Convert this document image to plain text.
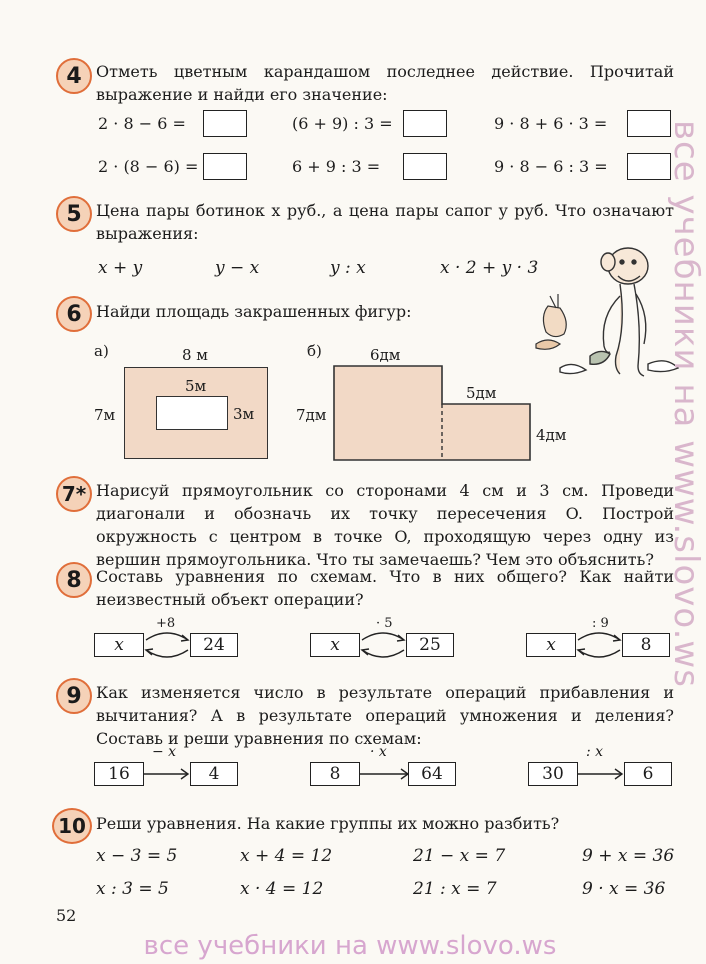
4 Отметь цветным карандашом последнее действие. Прочитай выражение и найди его значение:
2 · 8 − 6 =	(6 + 9) : 3 =	9 · 8 + 6 · 3 =
2 · (8 − 6) =	6 + 9 : 3 =	9 · 8 − 6 : 3 =
5 Цена пары ботинок x руб., а цена пары сапог y руб. Что означают выражения:
x + y	y − x	y : x	x · 2 + y · 3
6 Найди площадь закрашенных фигур:
а)	8 м
5м
7м	3м
б)	6дм
5дм
7дм
4дм
7* Нарисуй прямоугольник со сторонами 4 см и 3 см. Проведи диагонали и обозначь их точку пересечения O. Построй окружность с центром в точке O, проходящую через одну из вершин прямоугольника. Что ты замечаешь? Чем это объяснить?
8 Составь уравнения по схемам. Что в них общего? Как найти неизвестный объект операции?
x
+8
24	x
· 5
25	x
: 9
8
9 Как изменяется число в результате операций прибавления и вычитания? А в результате операций умножения и деления? Составь и реши уравнения по схемам:
16
− x
4	8
· x
64	30
: x
6
10 Реши уравнения. На какие группы их можно разбить?
x − 3 = 5	x + 4 = 12	21 − x = 7	9 + x = 36
x : 3 = 5	x · 4 = 12	21 : x = 7	9 · x = 36
52
все учебники на www.slovo.ws
все учебники на www.slovo.ws
